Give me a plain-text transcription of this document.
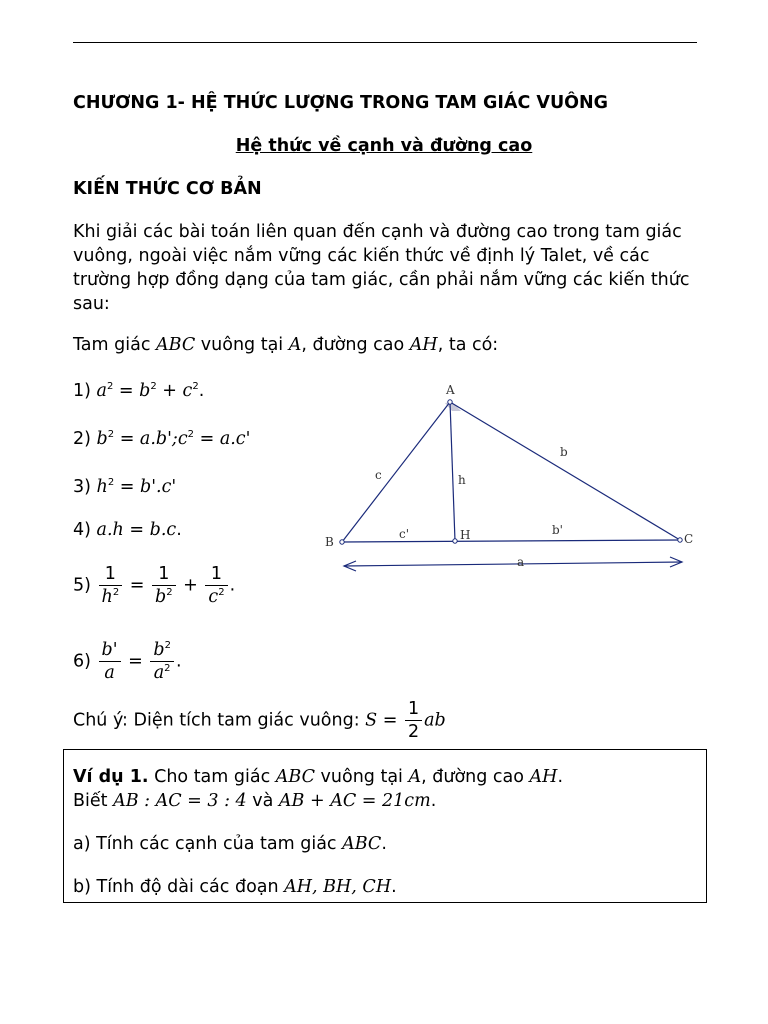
CHƯƠNG 1- HỆ THỨC LƯỢNG TRONG TAM GIÁC VUÔNG
Hệ thức về cạnh và đường cao
KIẾN THỨC CƠ BẢN
Khi giải các bài toán liên quan đến cạnh và đường cao trong tam giác vuông, ngoài việc nắm vững các kiến thức về định lý Talet, về các trường hợp đồng dạng của tam giác, cần phải nắm vững các kiến thức sau:
Tam giác ABC vuông tại A, đường cao AH, ta có:
1) $a^2 = b^2 + c^2$.
2) $b^2$ = $a.b';c^2 = a.c'$
3) $h^2 = b'.c'$
4) a.h = b.c.
$5) \frac{1}{h^2} = \frac{1}{b^2} + \frac{1}{c^2}$ .
$6) \frac{b'}{a} = \frac{b^2}{a^2}$ .
Chú ý: Diện tích tam giác vuông: $S = \frac{1}{2}$ ab
A
B	C
H
c
b
h
c'	b'
a
Ví dụ 1. Cho tam giác ABC vuông tại A, đường cao AH.
Biết AB : AC = 3 : 4 và AB + AC = 21cm.
a) Tính các cạnh của tam giác ABC.
b) Tính độ dài các đoạn AH, BH, CH.
